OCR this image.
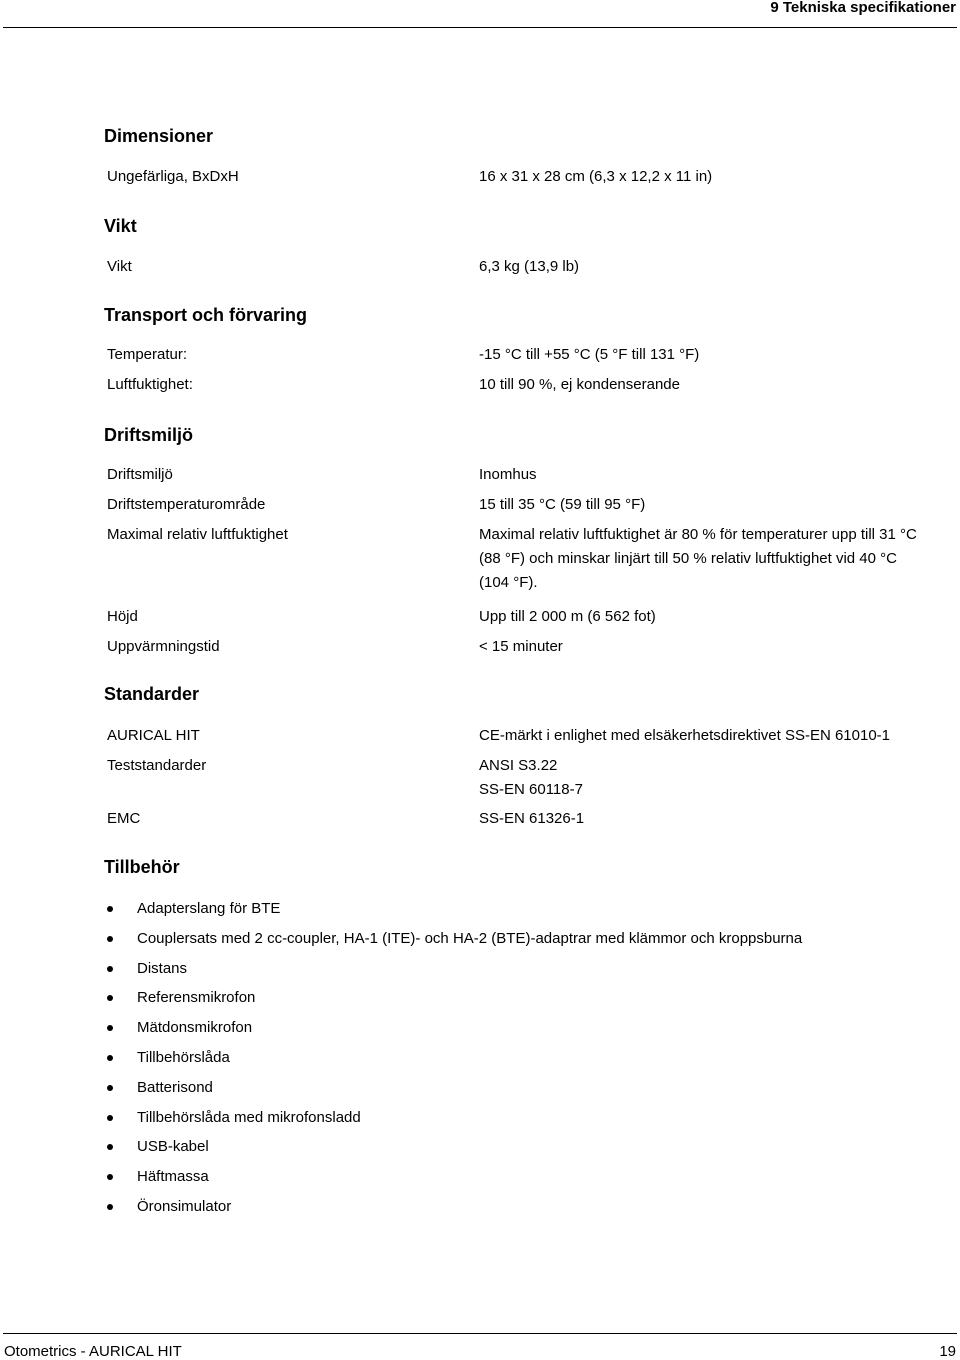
9 Tekniska specifikationer
Dimensioner
Ungefärliga, BxDxH	16 x 31 x 28 cm (6,3 x 12,2 x 11 in)
Vikt
Vikt	6,3 kg (13,9 lb)
Transport och förvaring
Temperatur:	-15 °C till +55 °C (5 °F till 131 °F)
Luftfuktighet:	10 till 90 %, ej kondenserande
Driftsmiljö
Driftsmiljö	Inomhus
Driftstemperaturområde	15 till 35 °C (59 till 95 °F)
Maximal relativ luftfuktighet	Maximal relativ luftfuktighet är 80 % för temperaturer upp till 31 °C (88 °F) och minskar linjärt till 50 % relativ luftfuktighet vid 40 °C (104 °F).
Höjd	Upp till 2 000 m (6 562 fot)
Uppvärmningstid	< 15 minuter
Standarder
AURICAL HIT	CE-märkt i enlighet med elsäkerhetsdirektivet SS-EN 61010-1
Teststandarder	ANSI S3.22
SS-EN 60118-7
EMC	SS-EN 61326-1
Tillbehör
Adapterslang för BTE
Couplersats med 2 cc-coupler, HA-1 (ITE)- och HA-2 (BTE)-adaptrar med klämmor och kroppsburna
Distans
Referensmikrofon
Mätdonsmikrofon
Tillbehörslåda
Batterisond
Tillbehörslåda med mikrofonsladd
USB-kabel
Häftmassa
Öronsimulator
Otometrics - AURICAL HIT	19
